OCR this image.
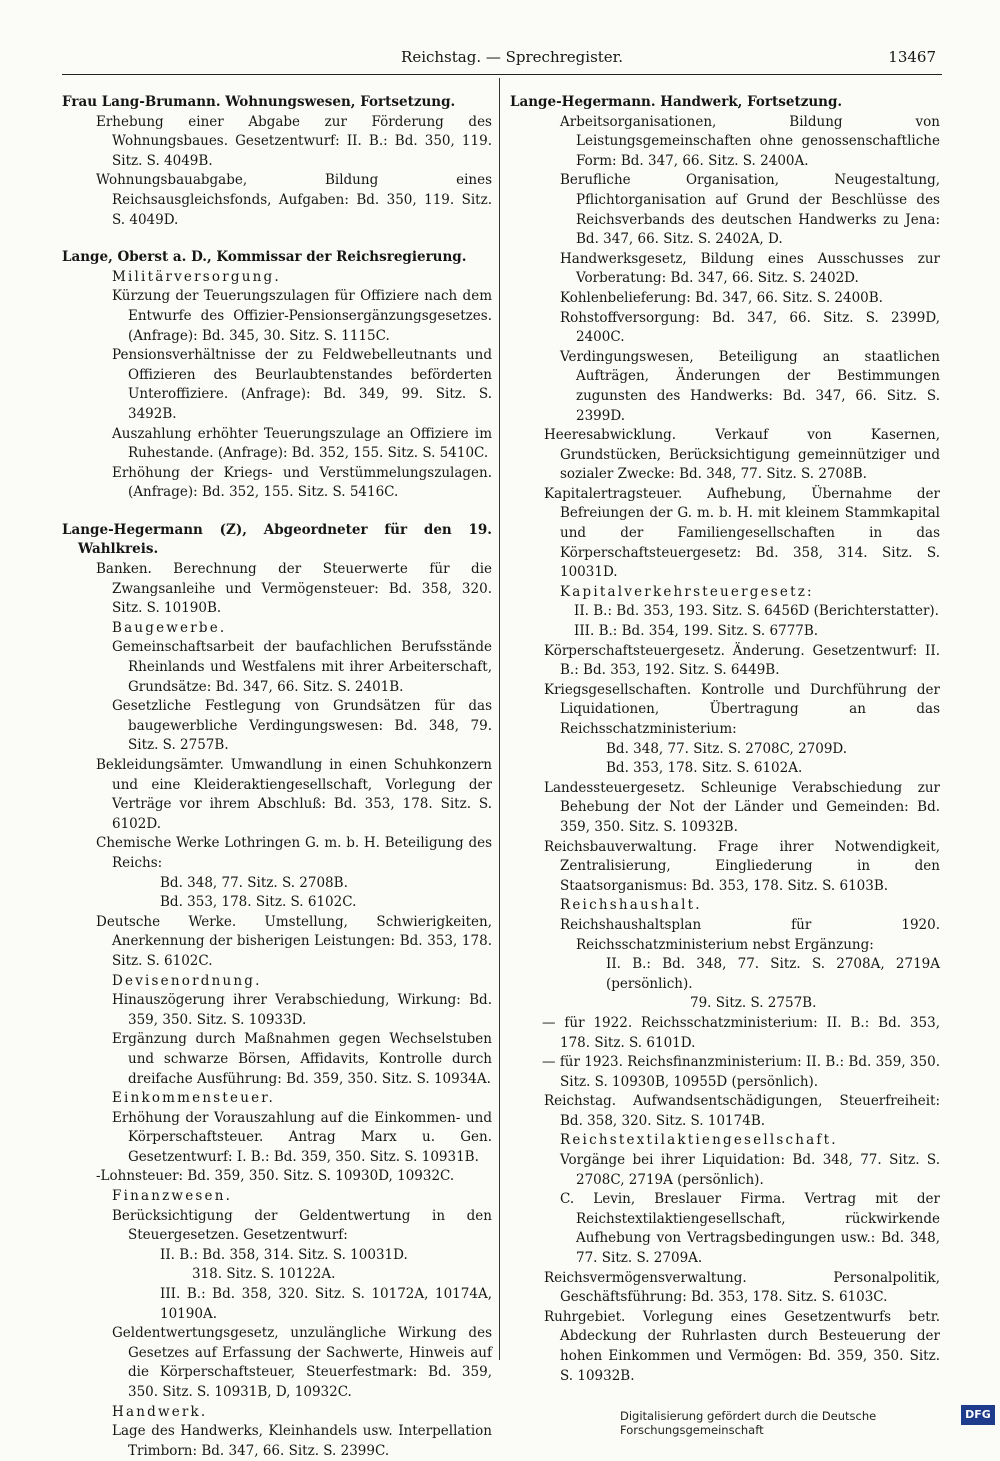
Reichstag. — Sprechregister.	13467

Frau Lang-Brumann. Wohnungswesen, Fortsetzung.

Erhebung einer Abgabe zur Förderung des Wohnungsbaues. Gesetzentwurf: II. B.: Bd. 350, 119. Sitz. S. 4049B.

Wohnungsbauabgabe, Bildung eines Reichsausgleichsfonds, Aufgaben: Bd. 350, 119. Sitz. S. 4049D.

Lange, Oberst a. D., Kommissar der Reichsregierung.

Militärversorgung.

Kürzung der Teuerungszulagen für Offiziere nach dem Entwurfe des Offizier-Pensionsergänzungsgesetzes. (Anfrage): Bd. 345, 30. Sitz. S. 1115C.

Pensionsverhältnisse der zu Feldwebelleutnants und Offizieren des Beurlaubtenstandes beförderten Unteroffiziere. (Anfrage): Bd. 349, 99. Sitz. S. 3492B.

Auszahlung erhöhter Teuerungszulage an Offiziere im Ruhestande. (Anfrage): Bd. 352, 155. Sitz. S. 5410C.

Erhöhung der Kriegs- und Verstümmelungszulagen. (Anfrage): Bd. 352, 155. Sitz. S. 5416C.

Lange-Hegermann (Z), Abgeordneter für den 19. Wahlkreis.

Banken. Berechnung der Steuerwerte für die Zwangsanleihe und Vermögensteuer: Bd. 358, 320. Sitz. S. 10190B.

Baugewerbe.

Gemeinschaftsarbeit der baufachlichen Berufsstände Rheinlands und Westfalens mit ihrer Arbeiterschaft, Grundsätze: Bd. 347, 66. Sitz. S. 2401B.

Gesetzliche Festlegung von Grundsätzen für das baugewerbliche Verdingungswesen: Bd. 348, 79. Sitz. S. 2757B.

Bekleidungsämter. Umwandlung in einen Schuhkonzern und eine Kleideraktiengesellschaft, Vorlegung der Verträge vor ihrem Abschluß: Bd. 353, 178. Sitz. S. 6102D.

Chemische Werke Lothringen G. m. b. H. Beteiligung des Reichs:

Bd. 348, 77. Sitz. S. 2708B.

Bd. 353, 178. Sitz. S. 6102C.

Deutsche Werke. Umstellung, Schwierigkeiten, Anerkennung der bisherigen Leistungen: Bd. 353, 178. Sitz. S. 6102C.

Devisenordnung.

Hinauszögerung ihrer Verabschiedung, Wirkung: Bd. 359, 350. Sitz. S. 10933D.

Ergänzung durch Maßnahmen gegen Wechselstuben und schwarze Börsen, Affidavits, Kontrolle durch dreifache Ausführung: Bd. 359, 350. Sitz. S. 10934A.

Einkommensteuer.

Erhöhung der Vorauszahlung auf die Einkommen- und Körperschaftsteuer. Antrag Marx u. Gen. Gesetzentwurf: I. B.: Bd. 359, 350. Sitz. S. 10931B.

-Lohnsteuer: Bd. 359, 350. Sitz. S. 10930D, 10932C.

Finanzwesen.

Berücksichtigung der Geldentwertung in den Steuergesetzen. Gesetzentwurf:

II. B.: Bd. 358, 314. Sitz. S. 10031D.

318. Sitz. S. 10122A.

III. B.: Bd. 358, 320. Sitz. S. 10172A, 10174A, 10190A.

Geldentwertungsgesetz, unzulängliche Wirkung des Gesetzes auf Erfassung der Sachwerte, Hinweis auf die Körperschaftsteuer, Steuerfestmark: Bd. 359, 350. Sitz. S. 10931B, D, 10932C.

Handwerk.

Lage des Handwerks, Kleinhandels usw. Interpellation Trimborn: Bd. 347, 66. Sitz. S. 2399C.

Lange-Hegermann. Handwerk, Fortsetzung.

Arbeitsorganisationen, Bildung von Leistungsgemeinschaften ohne genossenschaftliche Form: Bd. 347, 66. Sitz. S. 2400A.

Berufliche Organisation, Neugestaltung, Pflichtorganisation auf Grund der Beschlüsse des Reichsverbands des deutschen Handwerks zu Jena: Bd. 347, 66. Sitz. S. 2402A, D.

Handwerksgesetz, Bildung eines Ausschusses zur Vorberatung: Bd. 347, 66. Sitz. S. 2402D.

Kohlenbelieferung: Bd. 347, 66. Sitz. S. 2400B.

Rohstoffversorgung: Bd. 347, 66. Sitz. S. 2399D, 2400C.

Verdingungswesen, Beteiligung an staatlichen Aufträgen, Änderungen der Bestimmungen zugunsten des Handwerks: Bd. 347, 66. Sitz. S. 2399D.

Heeresabwicklung. Verkauf von Kasernen, Grundstücken, Berücksichtigung gemeinnütziger und sozialer Zwecke: Bd. 348, 77. Sitz. S. 2708B.

Kapitalertragsteuer. Aufhebung, Übernahme der Befreiungen der G. m. b. H. mit kleinem Stammkapital und der Familiengesellschaften in das Körperschaftsteuergesetz: Bd. 358, 314. Sitz. S. 10031D.

Kapitalverkehrsteuergesetz:

II. B.: Bd. 353, 193. Sitz. S. 6456D (Berichterstatter).

III. B.: Bd. 354, 199. Sitz. S. 6777B.

Körperschaftsteuergesetz. Änderung. Gesetzentwurf: II. B.: Bd. 353, 192. Sitz. S. 6449B.

Kriegsgesellschaften. Kontrolle und Durchführung der Liquidationen, Übertragung an das Reichsschatzministerium:

Bd. 348, 77. Sitz. S. 2708C, 2709D.

Bd. 353, 178. Sitz. S. 6102A.

Landessteuergesetz. Schleunige Verabschiedung zur Behebung der Not der Länder und Gemeinden: Bd. 359, 350. Sitz. S. 10932B.

Reichsbauverwaltung. Frage ihrer Notwendigkeit, Zentralisierung, Eingliederung in den Staatsorganismus: Bd. 353, 178. Sitz. S. 6103B.

Reichshaushalt.

Reichshaushaltsplan für 1920. Reichsschatzministerium nebst Ergänzung:

II. B.: Bd. 348, 77. Sitz. S. 2708A, 2719A (persönlich).

79. Sitz. S. 2757B.

— für 1922. Reichsschatzministerium: II. B.: Bd. 353, 178. Sitz. S. 6101D.

— für 1923. Reichsfinanzministerium: II. B.: Bd. 359, 350. Sitz. S. 10930B, 10955D (persönlich).

Reichstag. Aufwandsentschädigungen, Steuerfreiheit: Bd. 358, 320. Sitz. S. 10174B.

Reichstextilaktiengesellschaft.

Vorgänge bei ihrer Liquidation: Bd. 348, 77. Sitz. S. 2708C, 2719A (persönlich).

C. Levin, Breslauer Firma. Vertrag mit der Reichstextilaktiengesellschaft, rückwirkende Aufhebung von Vertragsbedingungen usw.: Bd. 348, 77. Sitz. S. 2709A.

Reichsvermögensverwaltung. Personalpolitik, Geschäftsführung: Bd. 353, 178. Sitz. S. 6103C.

Ruhrgebiet. Vorlegung eines Gesetzentwurfs betr. Abdeckung der Ruhrlasten durch Besteuerung der hohen Einkommen und Vermögen: Bd. 359, 350. Sitz. S. 10932B.

Digitalisierung gefördert durch die Deutsche Forschungsgemeinschaft
DFG
